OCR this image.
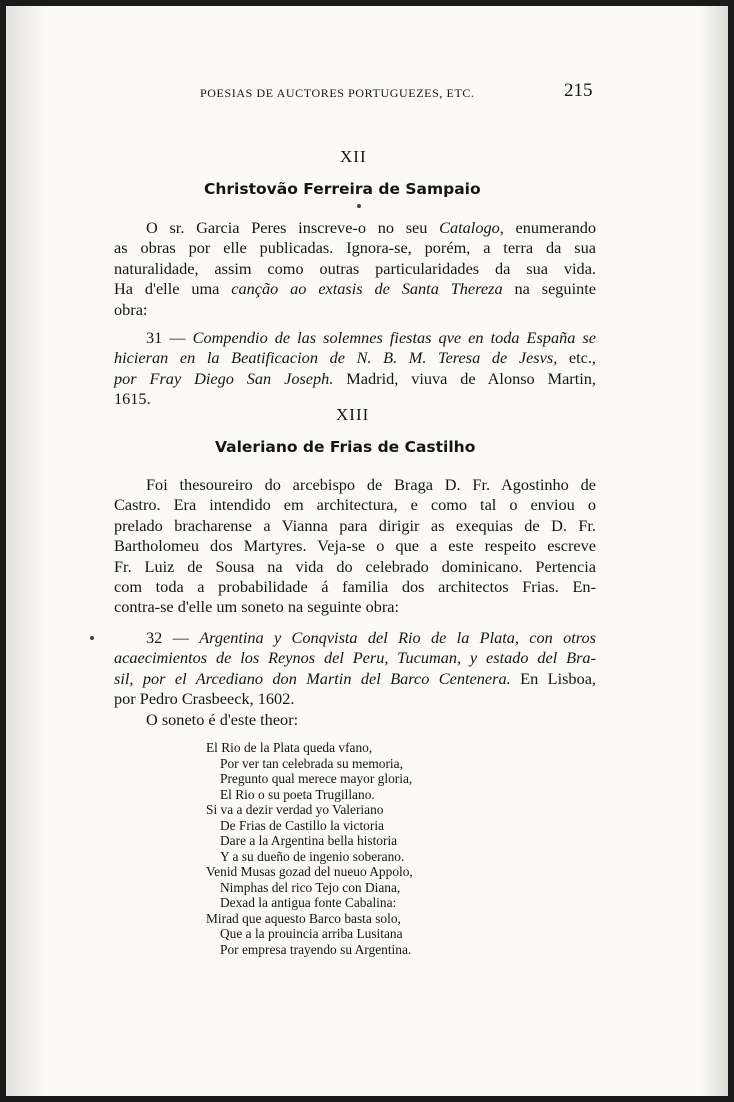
POESIAS DE AUCTORES PORTUGUEZES, ETC.	215
XII
Christovão Ferreira de Sampaio
O sr. Garcia Peres inscreve-o no seu Catalogo, enumerando
as obras por elle publicadas. Ignora-se, porém, a terra da sua
naturalidade, assim como outras particularidades da sua vida.
Ha d'elle uma canção ao extasis de Santa Thereza na seguinte
obra:
31 — Compendio de las solemnes fiestas qve en toda España se
hicieran en la Beatificacion de N. B. M. Teresa de Jesvs, etc.,
por Fray Diego San Joseph. Madrid, viuva de Alonso Martin,
1615.
XIII
Valeriano de Frias de Castilho
Foi thesoureiro do arcebispo de Braga D. Fr. Agostinho de
Castro. Era intendido em architectura, e como tal o enviou o
prelado bracharense a Vianna para dirigir as exequias de D. Fr.
Bartholomeu dos Martyres. Veja-se o que a este respeito escreve
Fr. Luiz de Sousa na vida do celebrado dominicano. Pertencia
com toda a probabilidade á familia dos architectos Frias. En-
contra-se d'elle um soneto na seguinte obra:
32 — Argentina y Conqvista del Rio de la Plata, con otros
acaecimientos de los Reynos del Peru, Tucuman, y estado del Bra-
sil, por el Arcediano don Martin del Barco Centenera. En Lisboa,
por Pedro Crasbeeck, 1602.
O soneto é d'este theor:
El Rio de la Plata queda vfano,
Por ver tan celebrada su memoria,
Pregunto qual merece mayor gloria,
El Rio o su poeta Trugillano.
Si va a dezir verdad yo Valeriano
De Frias de Castillo la victoria
Dare a la Argentina bella historia
Y a su dueño de ingenio soberano.
Venid Musas gozad del nueuo Appolo,
Nimphas del rico Tejo con Diana,
Dexad la antigua fonte Cabalina:
Mirad que aquesto Barco basta solo,
Que a la prouincia arriba Lusitana
Por empresa trayendo su Argentina.
